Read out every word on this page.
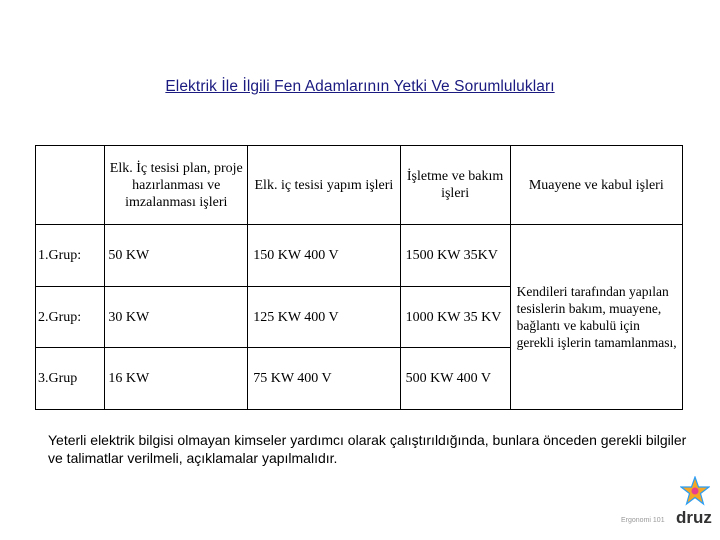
Elektrik İle İlgili Fen Adamlarının Yetki Ve Sorumlulukları
	Elk. İç tesisi plan, proje hazırlanması ve imzalanması işleri	Elk. iç tesisi yapım işleri	İşletme ve bakım işleri	Muayene ve kabul işleri
1.Grup:	50 KW	150 KW 400 V	1500 KW 35KV	Kendileri tarafından yapılan tesislerin bakım, muayene, bağlantı ve kabulü için gerekli işlerin tamamlanması,
2.Grup:	30 KW	125 KW 400 V	1000 KW 35 KV	
3.Grup	16 KW	75 KW 400 V	500 KW 400 V	
Yeterli elektrik bilgisi olmayan kimseler yardımcı olarak çalıştırıldığında, bunlara önceden gerekli bilgiler ve talimatlar verilmeli, açıklamalar yapılmalıdır.
Ergonomi 101 druz
